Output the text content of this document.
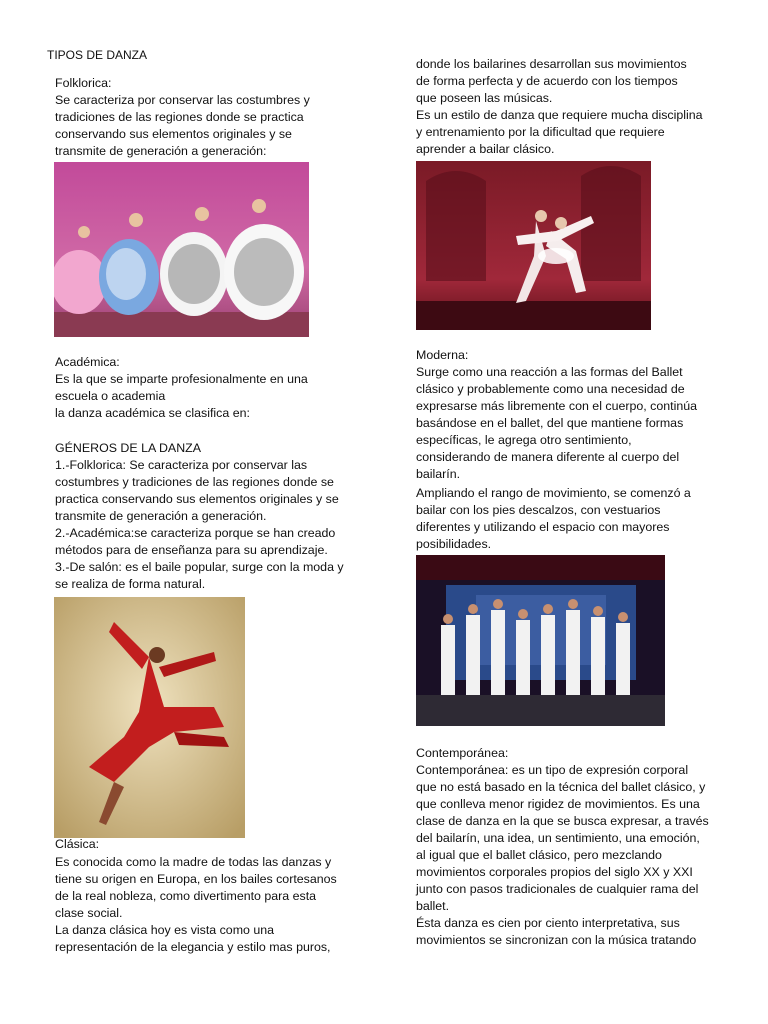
TIPOS DE DANZA
Folklorica:
Se caracteriza por conservar las costumbres y
tradiciones de las regiones donde se practica
conservando sus elementos originales y se
transmite de generación a generación:
Académica:
Es la que se imparte profesionalmente en una
escuela o academia
la danza académica se clasifica en:
GÉNEROS DE LA DANZA
1.-Folklorica: Se caracteriza por conservar las
costumbres y tradiciones de las regiones donde se
practica conservando sus elementos originales y se
transmite de generación a generación.
2.-Académica:se caracteriza porque se han creado
métodos para de enseñanza para su aprendizaje.
3.-De salón: es el baile popular, surge con la moda y
se realiza de forma natural.
Clásica:
Es conocida como la madre de todas las danzas y
tiene su origen en Europa, en los bailes cortesanos
de la real nobleza, como divertimento para esta
clase social.
La danza clásica hoy es vista como una
representación de la elegancia y estilo mas puros,
donde los bailarines desarrollan sus movimientos
de forma perfecta y de acuerdo con los tiempos
que poseen las músicas.
Es un estilo de danza que requiere mucha disciplina
y entrenamiento por la dificultad que requiere
aprender a bailar clásico.
Moderna:
Surge como una reacción a las formas del Ballet
clásico y probablemente como una necesidad de
expresarse más libremente con el cuerpo, continúa
basándose en el ballet, del que mantiene formas
específicas, le agrega otro sentimiento,
considerando de manera diferente al cuerpo del
bailarín.
Ampliando el rango de movimiento, se comenzó a
bailar con los pies descalzos, con vestuarios
diferentes y utilizando el espacio con mayores
posibilidades.
Contemporánea:
Contemporánea: es un tipo de expresión corporal
que no está basado en la técnica del ballet clásico, y
que conlleva menor rigidez de movimientos. Es una
clase de danza en la que se busca expresar, a través
del bailarín, una idea, un sentimiento, una emoción,
al igual que el ballet clásico, pero mezclando
movimientos corporales propios del siglo XX y XXI
junto con pasos tradicionales de cualquier rama del
ballet.
Ésta danza es cien por ciento interpretativa, sus
movimientos se sincronizan con la música tratando
